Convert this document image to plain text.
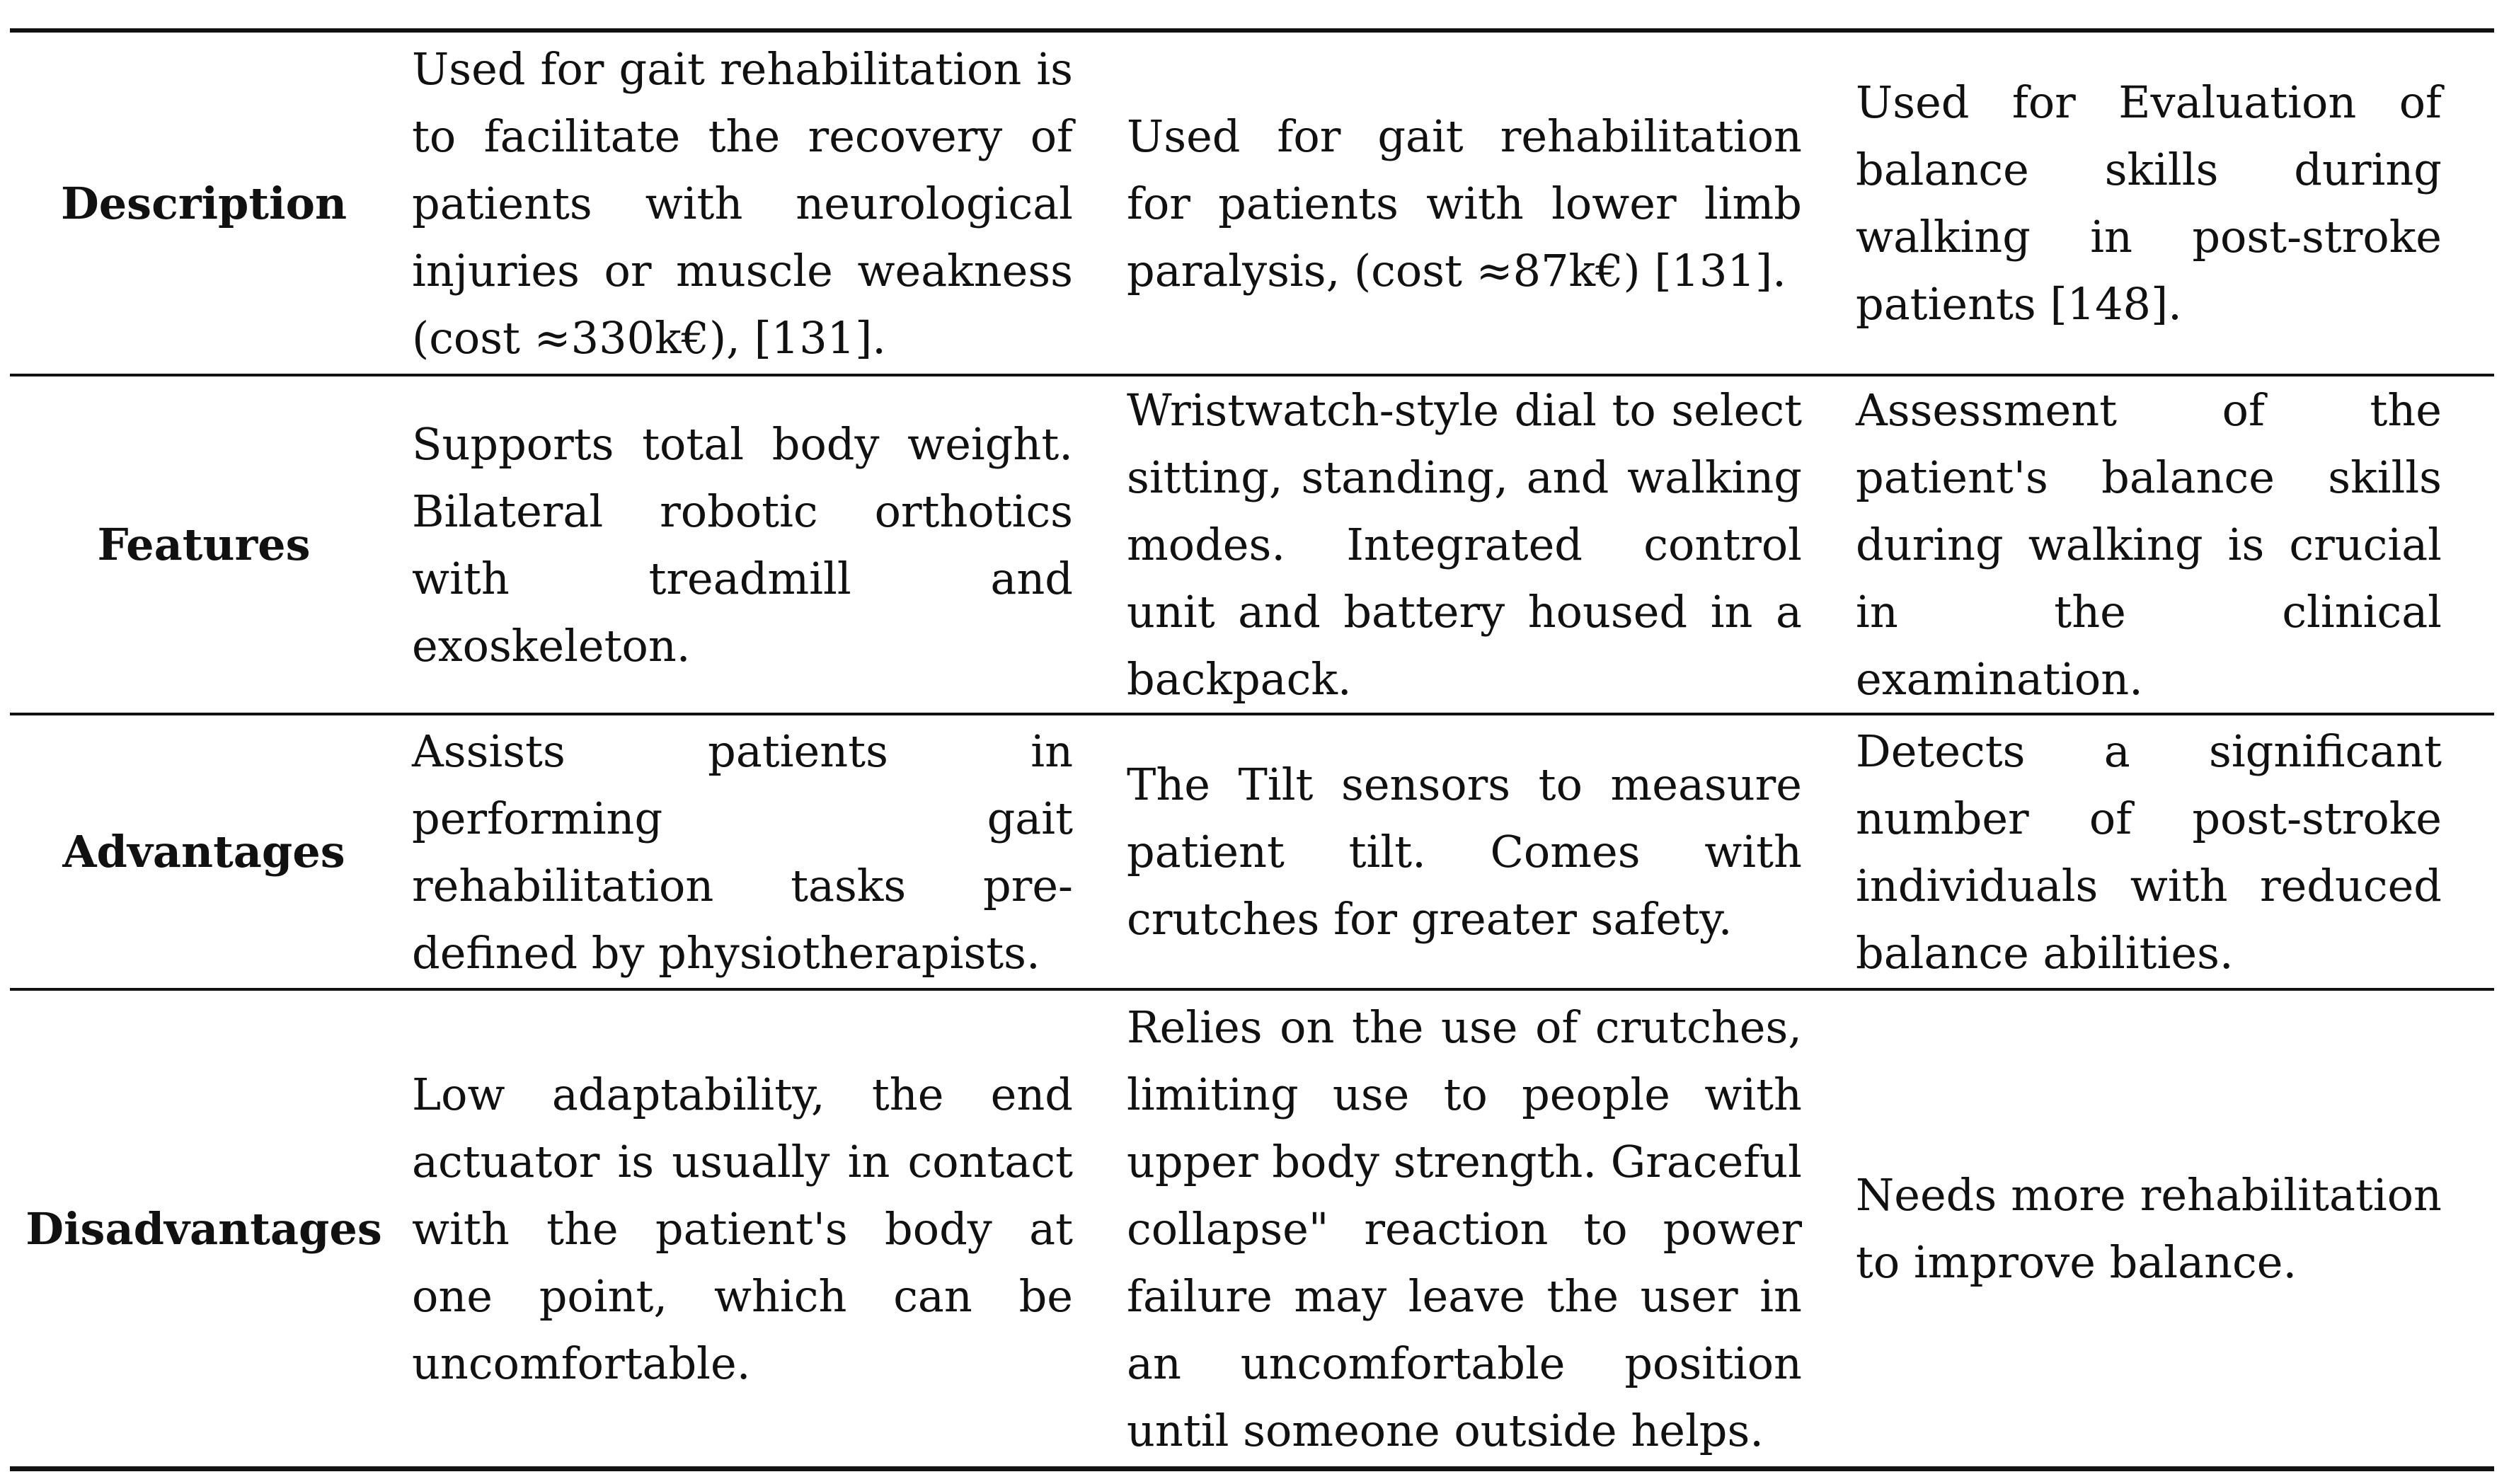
Description	Used for gait rehabilitation is to facilitate the recovery of patients with neurological injuries or muscle weakness (cost ≈330k€), [131].	Used for gait rehabilitation for patients with lower limb paralysis, (cost ≈87k€) [131].	Used for Evaluation of balance skills during walking in post-stroke patients [148].
Features	Supports total body weight. Bilateral robotic orthotics with treadmill and exoskeleton.	Wristwatch-style dial to select sitting, standing, and walking modes. Integrated control unit and battery housed in a backpack.	Assessment of the patient's balance skills during walking is crucial in the clinical examination.
Advantages	Assists patients in performing gait rehabilitation tasks pre-defined by physiotherapists.	The Tilt sensors to measure patient tilt. Comes with crutches for greater safety.	Detects a significant number of post-stroke individuals with reduced balance abilities.
Disadvantages	Low adaptability, the end actuator is usually in contact with the patient's body at one point, which can be uncomfortable.	Relies on the use of crutches, limiting use to people with upper body strength. Graceful collapse" reaction to power failure may leave the user in an uncomfortable position until someone outside helps.	Needs more rehabilitation to improve balance.
